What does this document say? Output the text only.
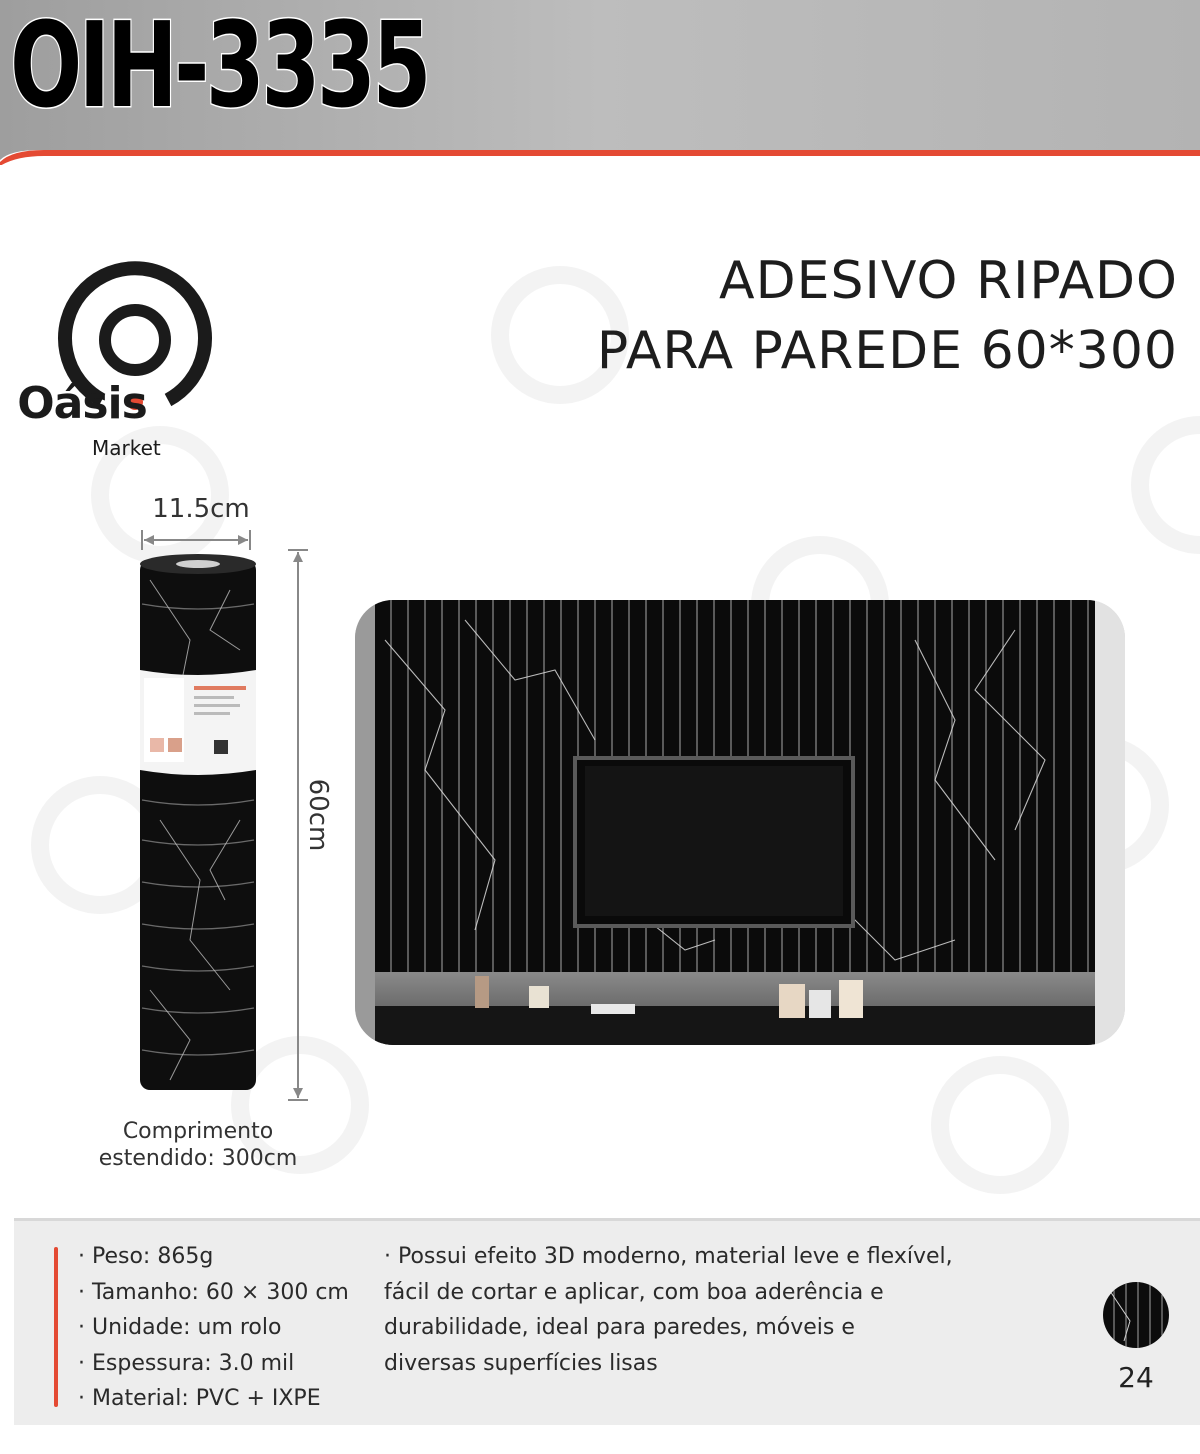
OIH-3335
Oásis
Market
ADESIVO RIPADO
PARA PAREDE 60*300
11.5cm
60cm
Comprimento
estendido: 300cm
· Peso: 865g
· Tamanho: 60 × 300 cm
· Unidade: um rolo
· Espessura: 3.0 mil
· Material: PVC + IXPE
· Possui efeito 3D moderno, material leve e flexível,
fácil de cortar e aplicar, com boa aderência e
durabilidade, ideal para paredes, móveis e
diversas superfícies lisas	24
